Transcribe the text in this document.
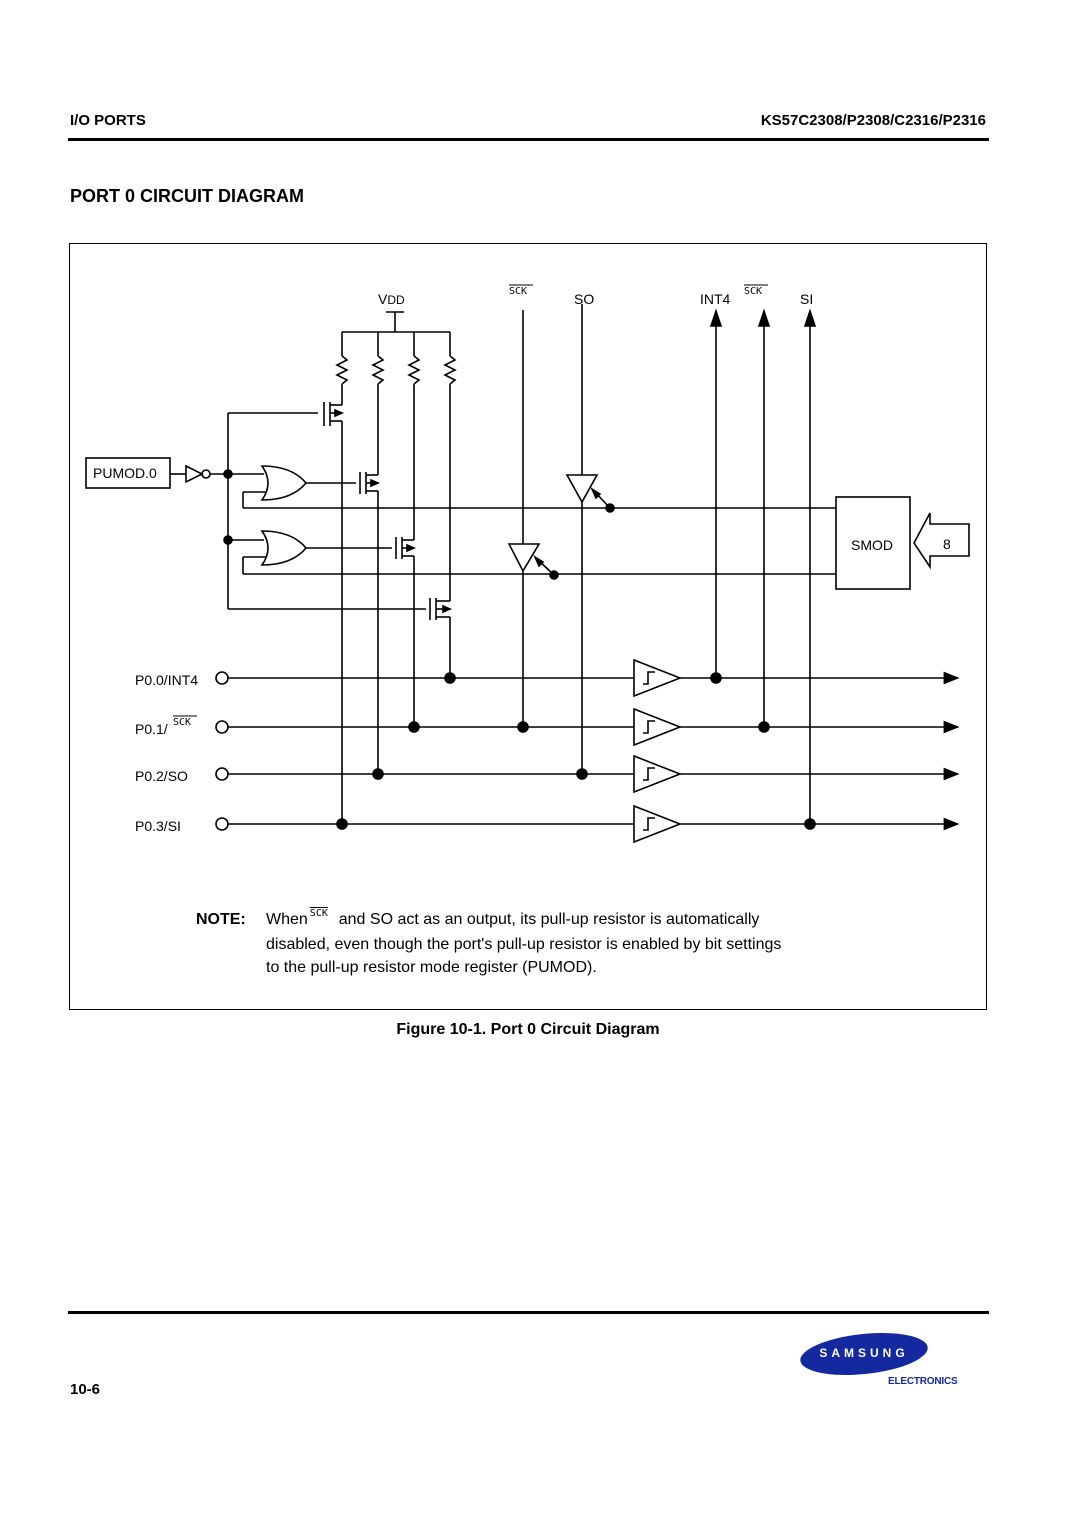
I/O PORTS	KS57C2308/P2308/C2316/P2316
PORT 0 CIRCUIT DIAGRAM
VDD
SCK	SO	INT4 SCK	SI
PUMOD.0
SMOD	8
P0.0/INT4
P0.1/ SCK
P0.2/SO
P0.3/SI
NOTE: When $^{\overline{SCK}}$ and SO act as an output, its pull-up resistor is automatically

disabled, even though the port's pull-up resistor is enabled by bit settings

to the pull-up resistor mode register (PUMOD).
Figure 10-1. Port 0 Circuit Diagram
10-6
SAMSUNG
ELECTRONICS
